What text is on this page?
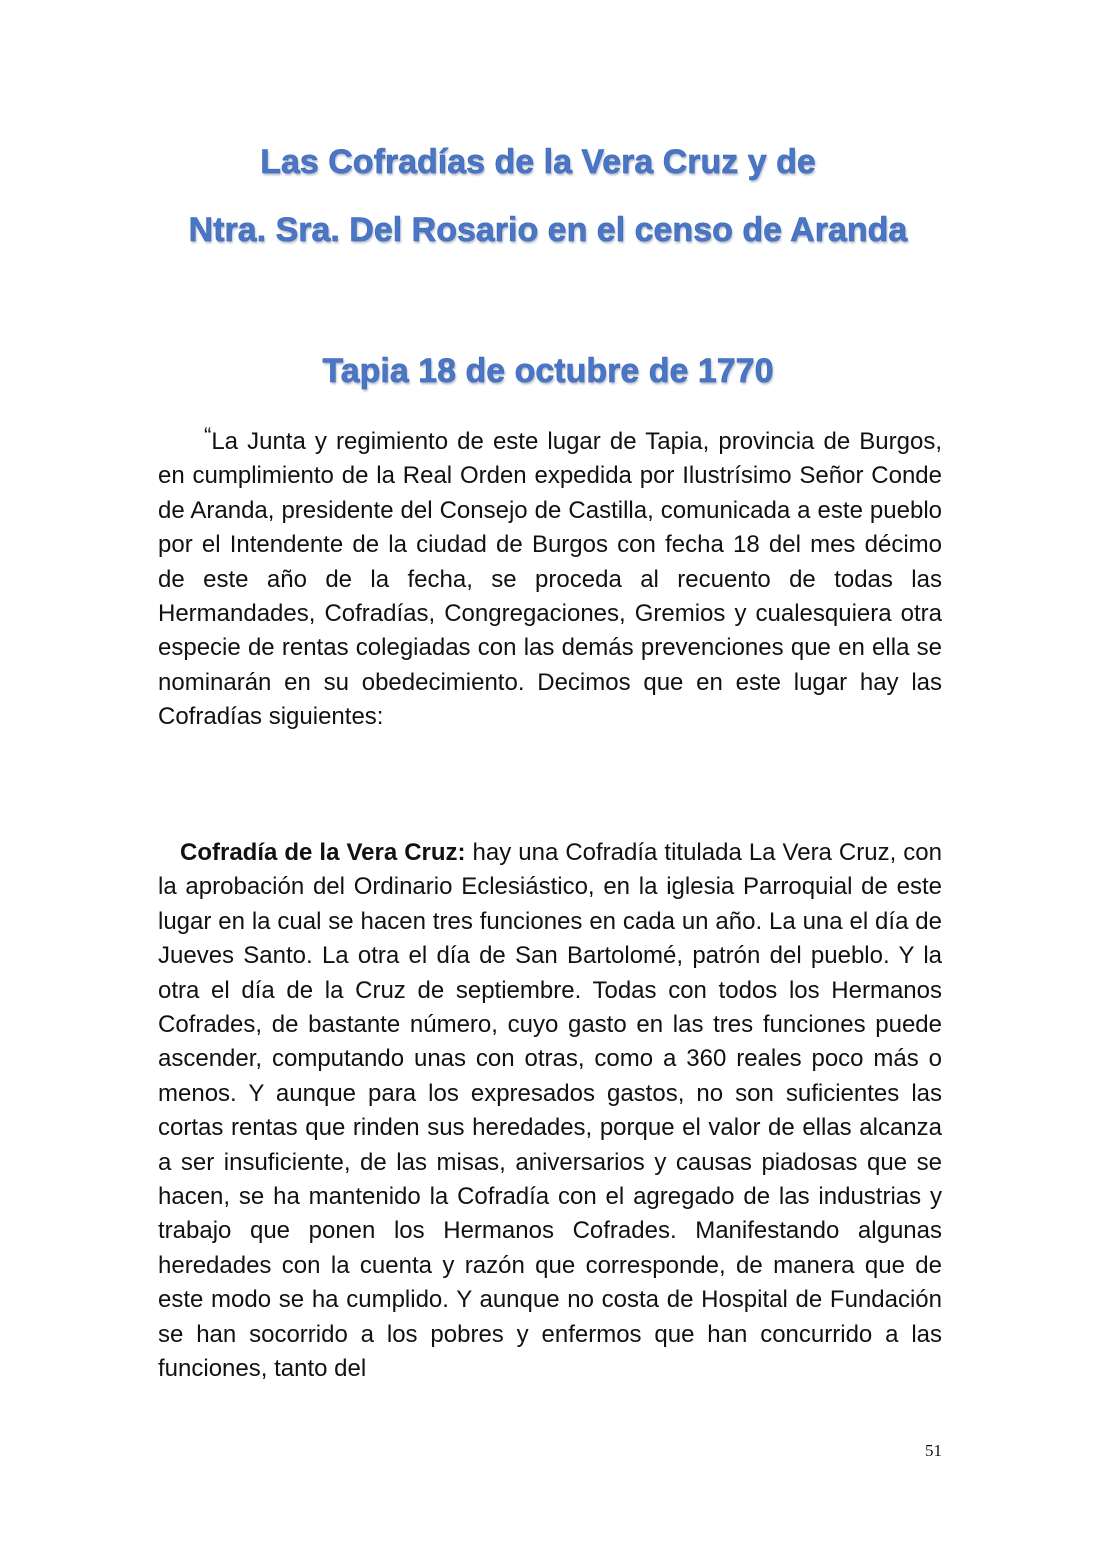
Las Cofradías de la Vera Cruz y de
Ntra. Sra. Del Rosario en el censo de Aranda
Tapia 18 de octubre de 1770

“La Junta y regimiento de este lugar de Tapia, provincia de Burgos, en cumplimiento de la Real Orden expedida por Ilustrísimo Señor Conde de Aranda, presidente del Consejo de Castilla, comunicada a este pueblo por el Intendente de la ciudad de Burgos con fecha 18 del mes décimo de este año de la fecha, se proceda al recuento de todas las Hermandades, Cofradías, Congregaciones, Gremios y cualesquiera otra especie de rentas colegiadas con las demás prevenciones que en ella se nominarán en su obedecimiento. Decimos que en este lugar hay las Cofradías siguientes:

Cofradía de la Vera Cruz: hay una Cofradía titulada La Vera Cruz, con la aprobación del Ordinario Eclesiástico, en la iglesia Parroquial de este lugar en la cual se hacen tres funciones en cada un año. La una el día de Jueves Santo. La otra el día de San Bartolomé, patrón del pueblo. Y la otra el día de la Cruz de septiembre. Todas con todos los Hermanos Cofrades, de bastante número, cuyo gasto en las tres funciones puede ascender, computando unas con otras, como a 360 reales poco más o menos. Y aunque para los expresados gastos, no son suficientes las cortas rentas que rinden sus heredades, porque el valor de ellas alcanza a ser insuficiente, de las misas, aniversarios y causas piadosas que se hacen, se ha mantenido la Cofradía con el agregado de las industrias y trabajo que ponen los Hermanos Cofrades. Manifestando algunas heredades con la cuenta y razón que corresponde, de manera que de este modo se ha cumplido. Y aunque no costa de Hospital de Fundación se han socorrido a los pobres y enfermos que han concurrido a las funciones, tanto del

51
